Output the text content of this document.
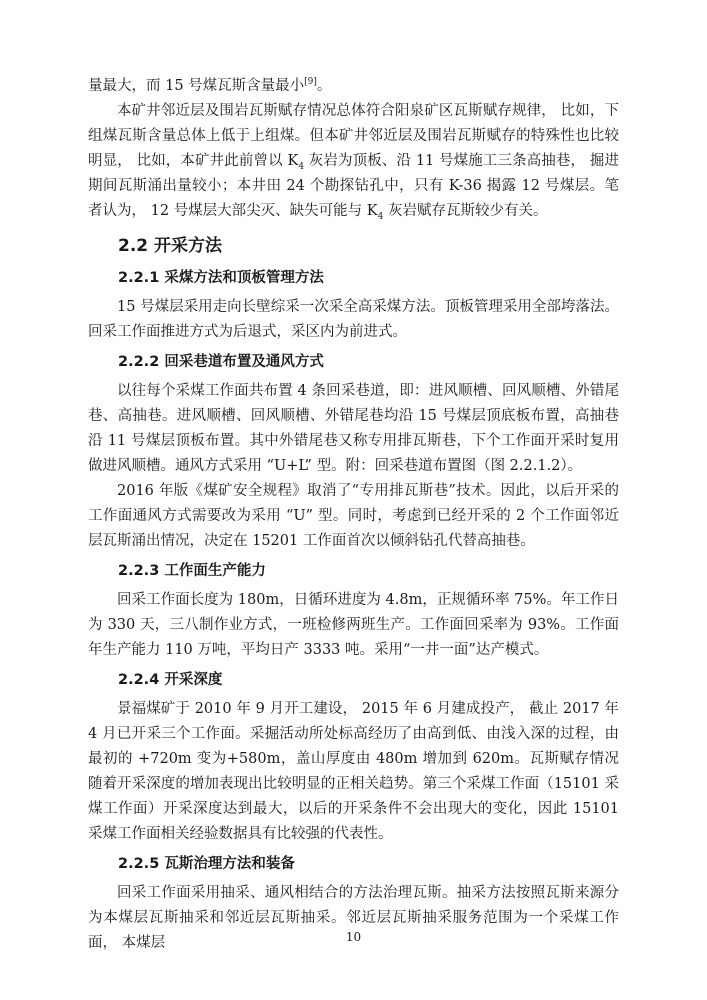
量最大，而 15 号煤瓦斯含量最小[9]。

本矿井邻近层及围岩瓦斯赋存情况总体符合阳泉矿区瓦斯赋存规律， 比如，下组煤瓦斯含量总体上低于上组煤。但本矿井邻近层及围岩瓦斯赋存的特殊性也比较明显， 比如，本矿井此前曾以 $K_4$ 灰岩为顶板、沿 11 号煤施工三条高抽巷， 掘进期间瓦斯涌出量较小；本井田 24 个勘探钻孔中，只有 K-36 揭露 12 号煤层。笔者认为， 12 号煤层大部尖灭、缺失可能与 $K_4$ 灰岩赋存瓦斯较少有关。

2.2 开采方法
2.2.1 采煤方法和顶板管理方法

15 号煤层采用走向长壁综采一次采全高采煤方法。顶板管理采用全部垮落法。回采工作面推进方式为后退式，采区内为前进式。

2.2.2 回采巷道布置及通风方式

以往每个采煤工作面共布置 4 条回采巷道，即：进风顺槽、回风顺槽、外错尾巷、高抽巷。进风顺槽、回风顺槽、外错尾巷均沿 15 号煤层顶底板布置，高抽巷沿 11 号煤层顶板布置。其中外错尾巷又称专用排瓦斯巷，下个工作面开采时复用做进风顺槽。通风方式采用 “U+L” 型。附：回采巷道布置图（图 2.2.1.2）。

2016 年版《煤矿安全规程》取消了“专用排瓦斯巷”技术。因此，以后开采的工作面通风方式需要改为采用 “U” 型。同时，考虑到已经开采的 2 个工作面邻近层瓦斯涌出情况，决定在 15201 工作面首次以倾斜钻孔代替高抽巷。

2.2.3 工作面生产能力

回采工作面长度为 180m，日循环进度为 4.8m，正规循环率 75%。年工作日为 330 天，三八制作业方式，一班检修两班生产。工作面回采率为 93%。工作面年生产能力 110 万吨，平均日产 3333 吨。采用“一井一面”达产模式。

2.2.4 开采深度

景福煤矿于 2010 年 9 月开工建设， 2015 年 6 月建成投产， 截止 2017 年 4 月已开采三个工作面。采掘活动所处标高经历了由高到低、由浅入深的过程，由最初的 +720m 变为+580m，盖山厚度由 480m 增加到 620m。瓦斯赋存情况随着开采深度的增加表现出比较明显的正相关趋势。第三个采煤工作面（15101 采煤工作面）开采深度达到最大，以后的开采条件不会出现大的变化，因此 15101 采煤工作面相关经验数据具有比较强的代表性。

2.2.5 瓦斯治理方法和装备

回采工作面采用抽采、通风相结合的方法治理瓦斯。抽采方法按照瓦斯来源分为本煤层瓦斯抽采和邻近层瓦斯抽采。邻近层瓦斯抽采服务范围为一个采煤工作面， 本煤层	10
